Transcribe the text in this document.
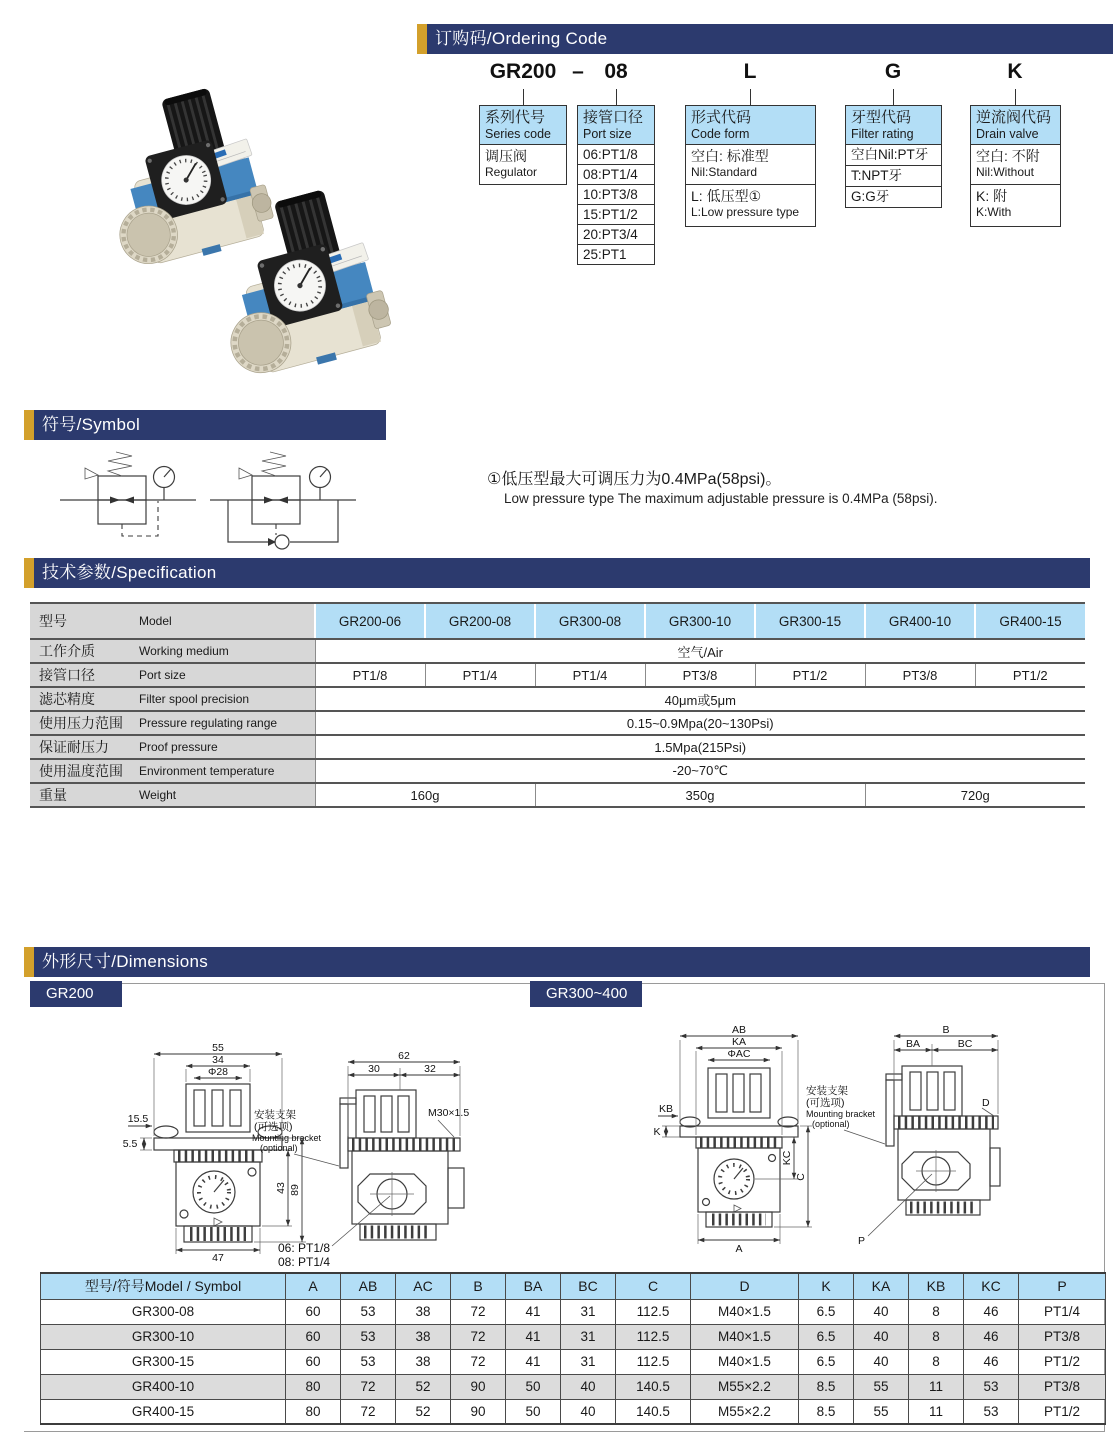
订购码/Ordering Code
GR200 – 08	L	G	K
系列代号
Series code
调压阀
Regulator
接管口径
Port size
06:PT1/8
08:PT1/4
10:PT3/8
15:PT1/2
20:PT3/4
25:PT1
形式代码
Code form
空白: 标准型
Nil:Standard
L: 低压型①
L:Low pressure type
牙型代码
Filter rating
空白Nil:PT牙
T:NPT牙
G:G牙
逆流阀代码
Drain valve
空白: 不附
Nil:Without
K: 附
K:With
符号/Symbol
①低压型最大可调压力为0.4MPa(58psi)。
Low pressure type The maximum adjustable pressure is 0.4MPa (58psi).
技术参数/Specification
型号	Model	GR200-06	GR200-08	GR300-08	GR300-10	GR300-15	GR400-10	GR400-15
工作介质	Working medium	空气/Air						
接管口径	Port size	PT1/8	PT1/4	PT1/4	PT3/8	PT1/2	PT3/8	PT1/2
滤芯精度	Filter spool precision	40μm或5μm						
使用压力范围	Pressure regulating range	0.15~0.9Mpa(20~130Psi)						
保证耐压力	Proof pressure	1.5Mpa(215Psi)						
使用温度范围	Environment temperature	-20~70℃						
重量	Weight	160g		350g			720g	
外形尺寸/Dimensions
GR200	GR300~400
55
34
Φ28
15.5
5.5
43 89
47
62
30	32
M30×1.5
安装支架
(可选项)
Mounting bracket
(optional)
06: PT1/8
08: PT1/4
AB
KA
ΦAC
KB
K
KC
C
A
B
BA	BC
D
安装支架
(可选项)
Mounting bracket
(optional)
P
型号/符号Model / Symbol	A	AB	AC	B	BA	BC	C	D	K	KA	KB	KC	P
GR300-08	60	53	38	72	41	31	112.5	M40×1.5	6.5	40	8	46	PT1/4
GR300-10	60	53	38	72	41	31	112.5	M40×1.5	6.5	40	8	46	PT3/8
GR300-15	60	53	38	72	41	31	112.5	M40×1.5	6.5	40	8	46	PT1/2
GR400-10	80	72	52	90	50	40	140.5	M55×2.2	8.5	55	11	53	PT3/8
GR400-15	80	72	52	90	50	40	140.5	M55×2.2	8.5	55	11	53	PT1/2
